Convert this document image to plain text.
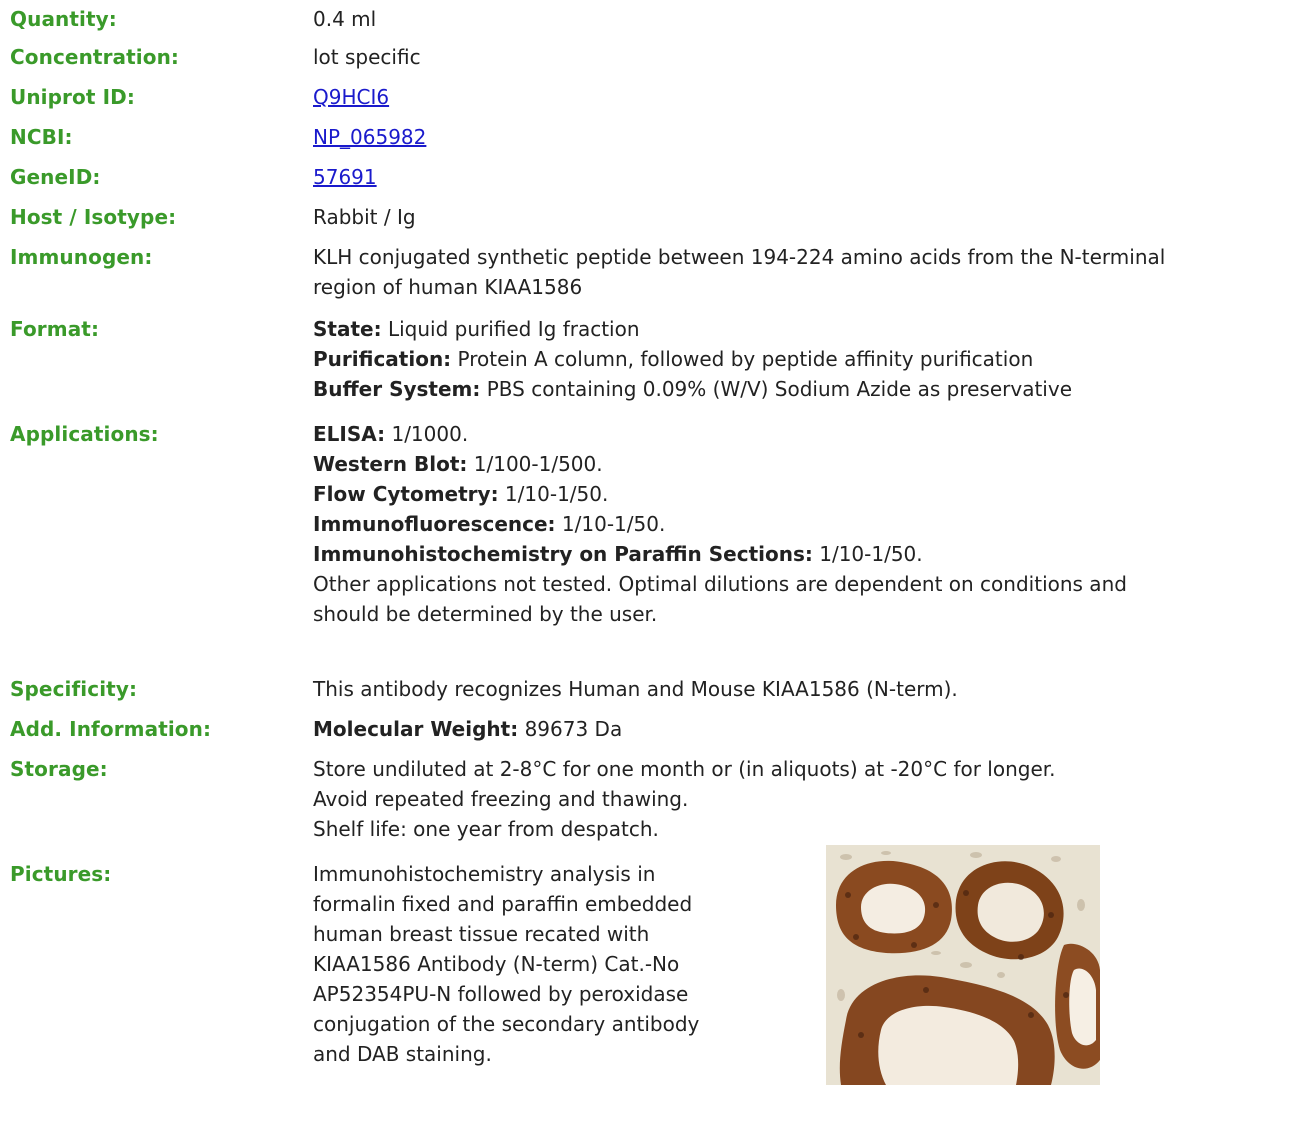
Quantity:	0.4 ml
Concentration:	lot specific
Uniprot ID:	Q9HCI6
NCBI:	NP_065982
GeneID:	57691
Host / Isotype:	Rabbit / Ig
Immunogen:	KLH conjugated synthetic peptide between 194-224 amino acids from the N-terminal
region of human KIAA1586
Format:	State: Liquid purified Ig fraction
Purification: Protein A column, followed by peptide affinity purification
Buffer System: PBS containing 0.09% (W/V) Sodium Azide as preservative
Applications:	ELISA: 1/1000.
Western Blot: 1/100-1/500.
Flow Cytometry: 1/10-1/50.
Immunofluorescence: 1/10-1/50.
Immunohistochemistry on Paraffin Sections: 1/10-1/50.
Other applications not tested. Optimal dilutions are dependent on conditions and
should be determined by the user.
Specificity:	This antibody recognizes Human and Mouse KIAA1586 (N-term).
Add. Information:	Molecular Weight: 89673 Da
Storage:	Store undiluted at 2-8°C for one month or (in aliquots) at -20°C for longer.
Avoid repeated freezing and thawing.
Shelf life: one year from despatch.
Pictures:	Immunohistochemistry analysis in
formalin fixed and paraffin embedded
human breast tissue recated with
KIAA1586 Antibody (N-term) Cat.-No
AP52354PU-N followed by peroxidase
conjugation of the secondary antibody
and DAB staining.
